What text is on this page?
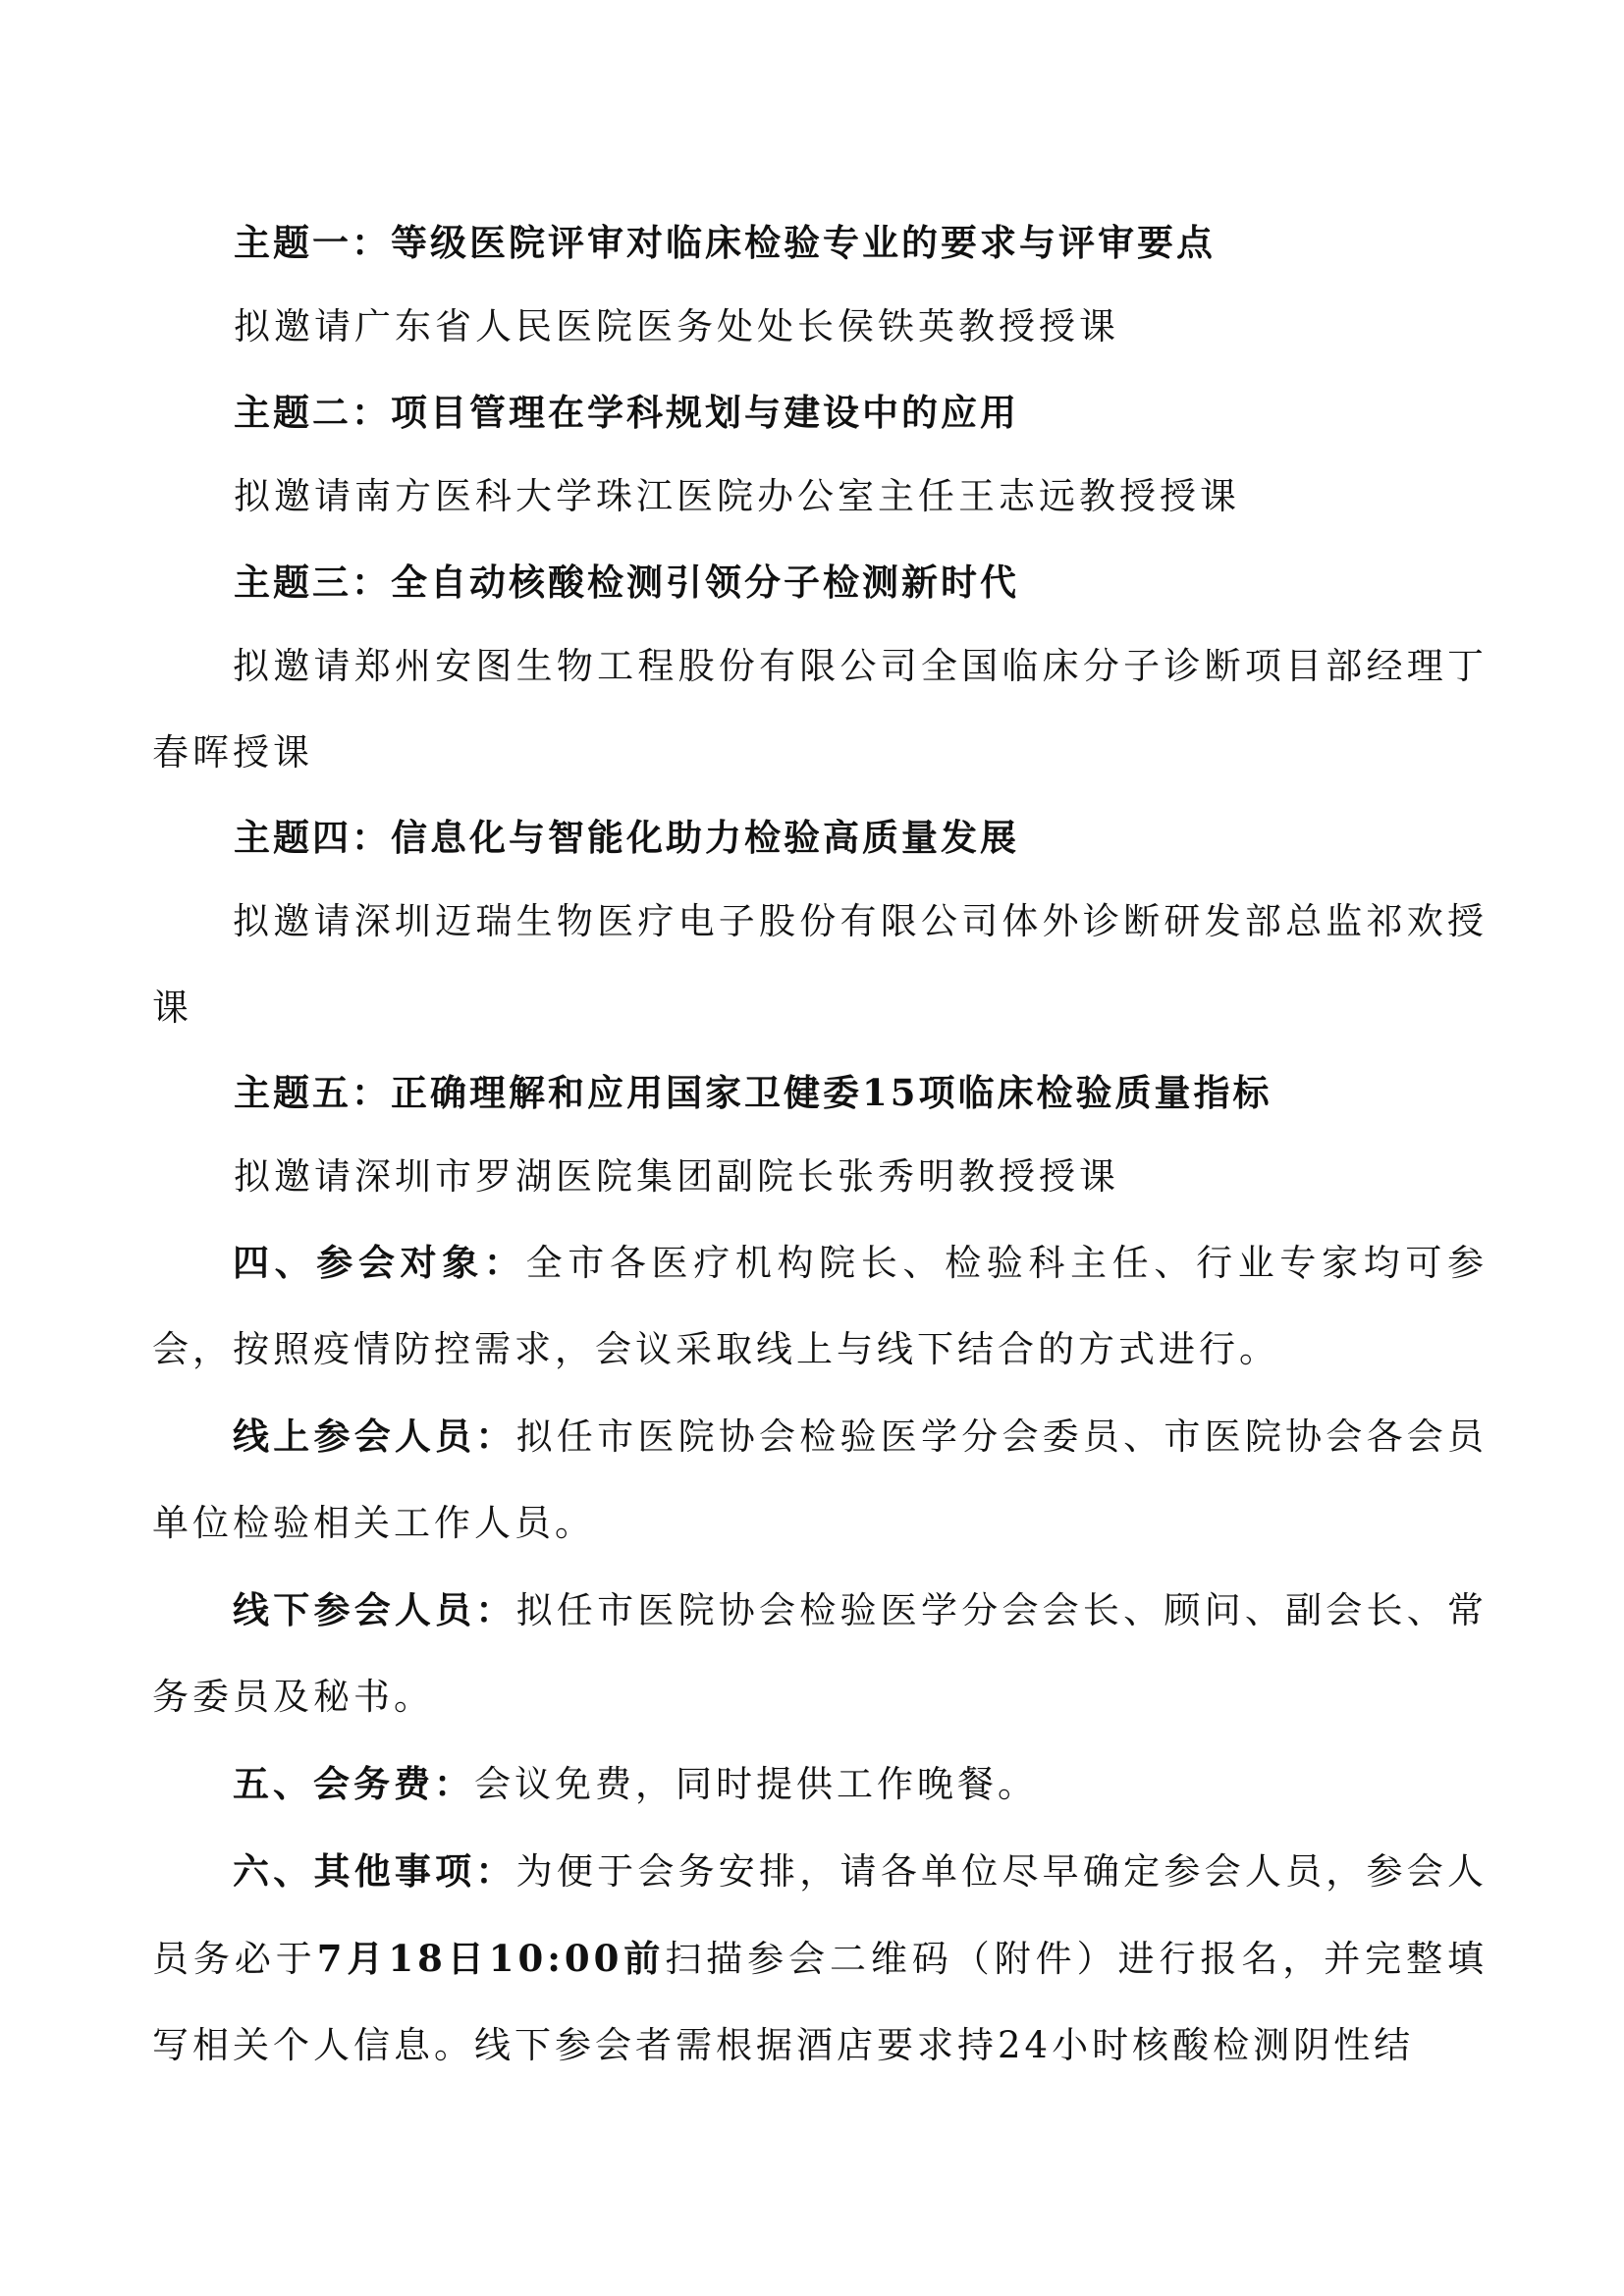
主题一：等级医院评审对临床检验专业的要求与评审要点
拟邀请广东省人民医院医务处处长侯铁英教授授课
主题二：项目管理在学科规划与建设中的应用
拟邀请南方医科大学珠江医院办公室主任王志远教授授课
主题三：全自动核酸检测引领分子检测新时代

拟邀请郑州安图生物工程股份有限公司全国临床分子诊断项目部经理丁春晖授课

主题四：信息化与智能化助力检验高质量发展

拟邀请深圳迈瑞生物医疗电子股份有限公司体外诊断研发部总监祁欢授课

主题五：正确理解和应用国家卫健委15项临床检验质量指标
拟邀请深圳市罗湖医院集团副院长张秀明教授授课

四、参会对象：全市各医疗机构院长、检验科主任、行业专家均可参会，按照疫情防控需求，会议采取线上与线下结合的方式进行。

线上参会人员：拟任市医院协会检验医学分会委员、市医院协会各会员单位检验相关工作人员。

线下参会人员：拟任市医院协会检验医学分会会长、顾问、副会长、常务委员及秘书。

五、会务费：会议免费，同时提供工作晚餐。

六、其他事项：为便于会务安排，请各单位尽早确定参会人员，参会人员务必于7月18日10:00前扫描参会二维码（附件）进行报名，并完整填写相关个人信息。线下参会者需根据酒店要求持24小时核酸检测阴性结
